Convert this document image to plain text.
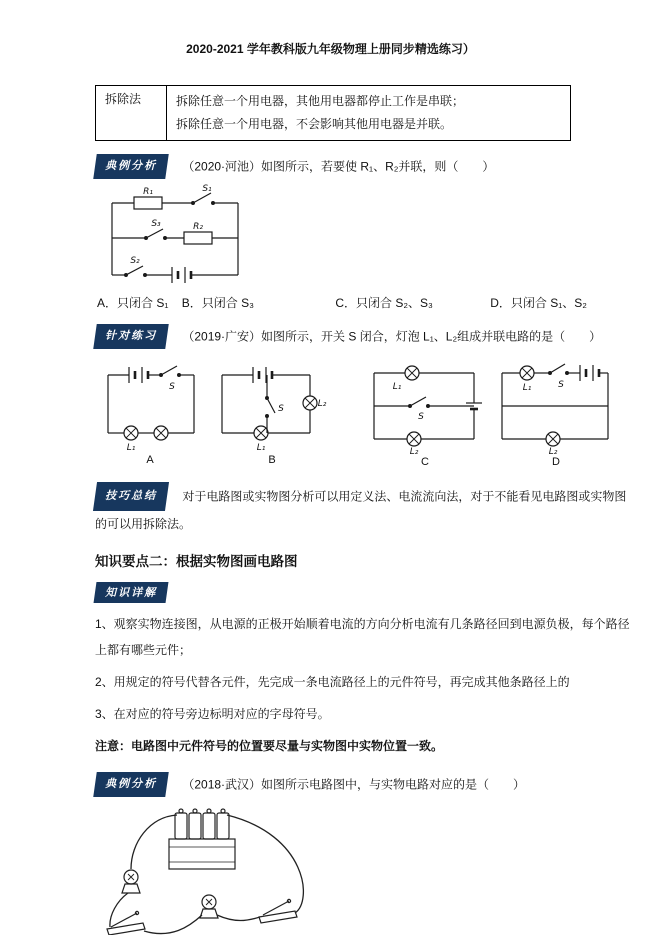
2020-2021 学年教科版九年级物理上册同步精选练习）
拆除法	拆除任意一个用电器，其他用电器都停止工作是串联；
拆除任意一个用电器，不会影响其他用电器是并联。
典例分析 （2020·河池）如图所示，若要使 R₁、R₂并联，则（　　）
R₁	S₁
S₃	R₂
S₂
A．只闭合 S₁ B．只闭合 S₃	C．只闭合 S₂、S₃	D．只闭合 S₁、S₂
针对练习 （2019·广安）如图所示，开关 S 闭合，灯泡 L₁、L₂组成并联电路的是（　　）
S
L₁
A
S	L₂
L₁
B
L₁
S
L₂
C
L₁	S
L₂
D
技巧总结 对于电路图或实物图分析可以用定义法、电流流向法，对于不能看见电路图或实物图的可以用拆除法。
知识要点二：根据实物图画电路图
知识详解
1、观察实物连接图，从电源的正极开始顺着电流的方向分析电流有几条路径回到电源负极，每个路径上都有哪些元件；
2、用规定的符号代替各元件，先完成一条电流路径上的元件符号，再完成其他条路径上的
3、在对应的符号旁边标明对应的字母符号。
注意：电路图中元件符号的位置要尽量与实物图中实物位置一致。
典例分析 （2018·武汉）如图所示电路图中，与实物电路对应的是（　　）
